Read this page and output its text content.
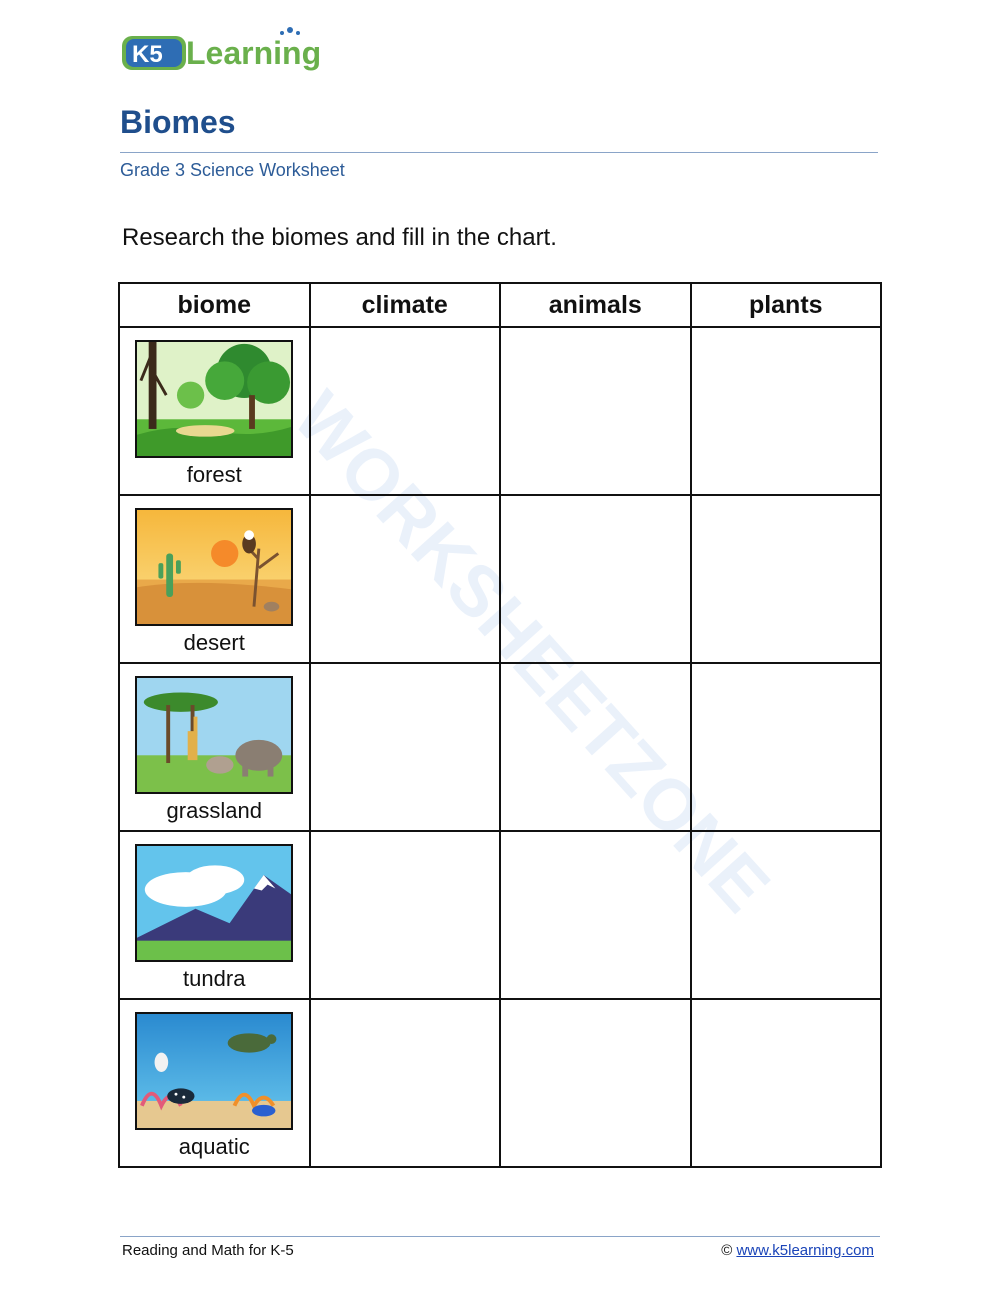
K5 Learning
Biomes
Grade 3 Science Worksheet
Research the biomes and fill in the chart.
WORKSHEETZONE
biome	climate	animals	plants

forest			

desert			

grassland			

tundra			

aquatic			

Reading and Math for K-5	© www.k5learning.com
